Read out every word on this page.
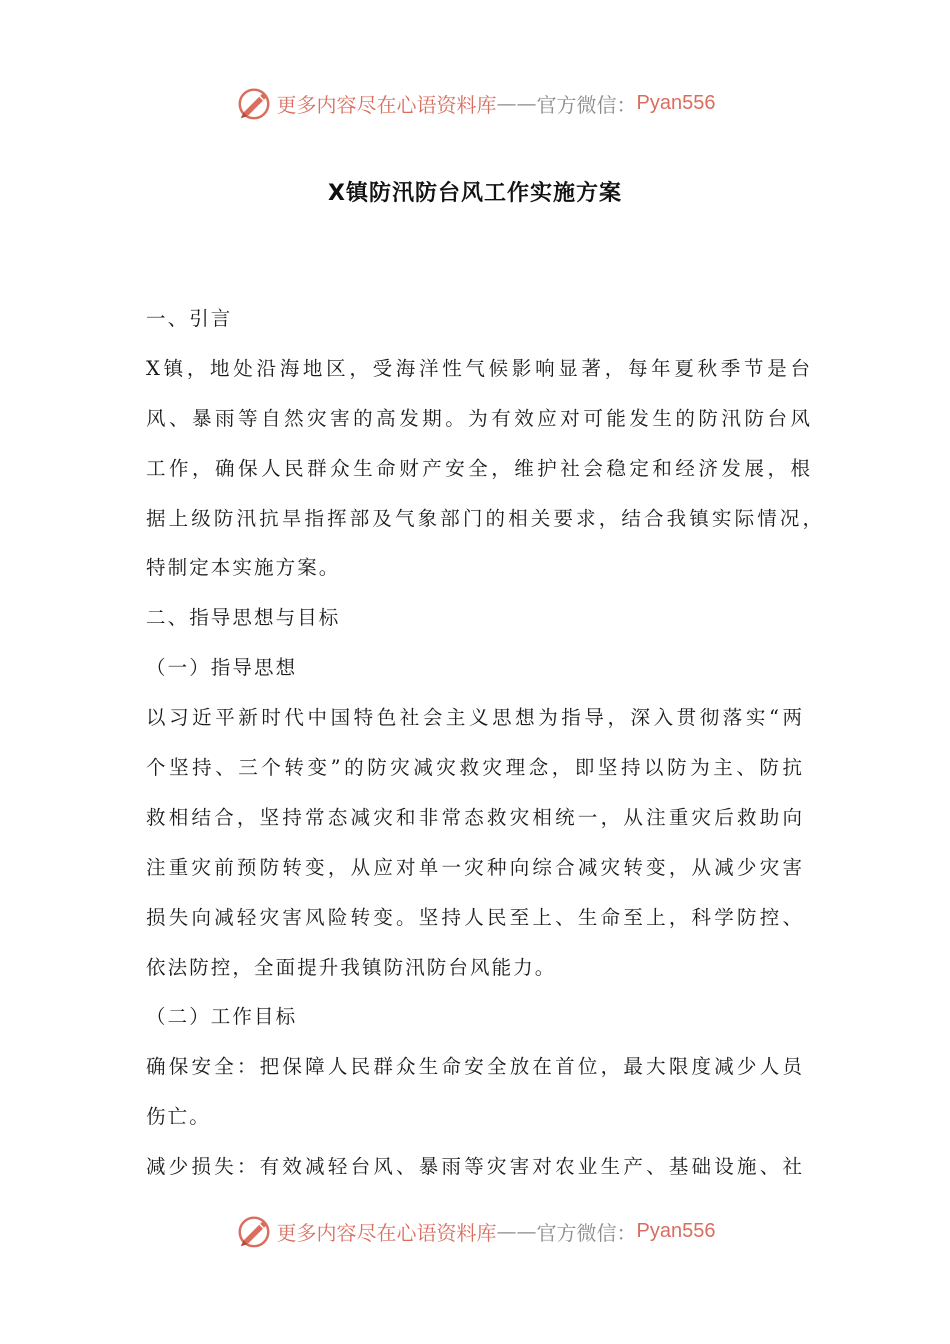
更多内容尽在心语资料库 —— 官方微信： Pyan556
X镇防汛防台风工作实施方案
一、引言
X镇，地处沿海地区，受海洋性气候影响显著，每年夏秋季节是台
风、暴雨等自然灾害的高发期。为有效应对可能发生的防汛防台风
工作，确保人民群众生命财产安全，维护社会稳定和经济发展，根
据上级防汛抗旱指挥部及气象部门的相关要求，结合我镇实际情况，
特制定本实施方案。
二、指导思想与目标
（一）指导思想
以习近平新时代中国特色社会主义思想为指导，深入贯彻落实“两
个坚持、三个转变”的防灾减灾救灾理念，即坚持以防为主、防抗
救相结合，坚持常态减灾和非常态救灾相统一，从注重灾后救助向
注重灾前预防转变，从应对单一灾种向综合减灾转变，从减少灾害
损失向减轻灾害风险转变。坚持人民至上、生命至上，科学防控、
依法防控，全面提升我镇防汛防台风能力。
（二）工作目标
确保安全：把保障人民群众生命安全放在首位，最大限度减少人员
伤亡。
减少损失：有效减轻台风、暴雨等灾害对农业生产、基础设施、社
更多内容尽在心语资料库 —— 官方微信： Pyan556
